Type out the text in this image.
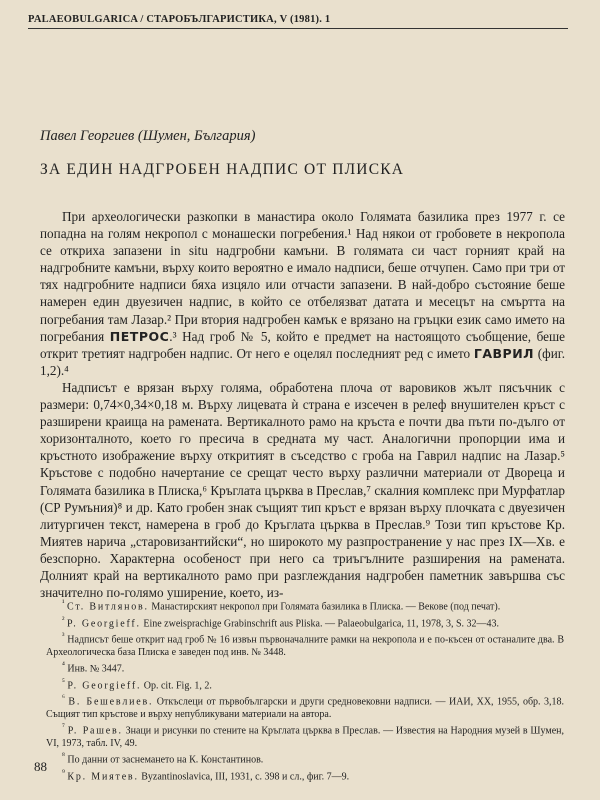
PALAEOBULGARICA / СТАРОБЪЛГАРИСТИКА, V (1981). 1
Павел Георгиев (Шумен, България)
ЗА ЕДИН НАДГРОБЕН НАДПИС ОТ ПЛИСКА

При археологически разкопки в манастира около Голямата базилика през 1977 г. се попадна на голям некропол с монашески погребения.¹ Над някои от гробовете в некропола се откриха запазени in situ надгробни камъни. В голямата си част горният край на надгробните камъни, върху които вероятно е имало надписи, беше отчупен. Само при три от тях надгробните надписи бяха изцяло или отчасти запазени. В най-добро състояние беше намерен един двуезичен надпис, в който се отбелязват датата и месецът на смъртта на погребания там Лазар.² При втория надгробен камък е врязано на гръцки език само името на погребания ПЕТРОС.³ Над гроб № 5, който е предмет на настоящото съобщение, беше открит третият надгробен надпис. От него е оцелял последният ред с името ГАВРИЛ (фиг. 1,2).⁴

Надписът е врязан върху голяма, обработена плоча от варовиков жълт пясъчник с размери: 0,74×0,34×0,18 м. Върху лицевата ѝ страна е изсечен в релеф внушителен кръст с разширени краища на рамената. Вертикалното рамо на кръста е почти два пъти по-дълго от хоризонталното, което го пресича в средната му част. Аналогични пропорции има и кръстното изображение върху откритият в съседство с гроба на Гаврил надпис на Лазар.⁵ Кръстове с подобно начертание се срещат често върху различни материали от Двореца и Голямата базилика в Плиска,⁶ Кръглата църква в Преслав,⁷ скалния комплекс при Мурфатлар (СР Румъния)⁸ и др. Като гробен знак същият тип кръст е врязан върху плочката с двуезичен литургичен текст, намерена в гроб до Кръглата църква в Преслав.⁹ Този тип кръстове Кр. Миятев нарича „старовизантийски“, но широкото му разпространение у нас през IX—Хв. е безспорно. Характерна особеност при него са триъгълните разширения на рамената. Долният край на вертикалното рамо при разглеждания надгробен паметник завършва със значително по-голямо уширение, което, из-

$^{^1}$ Ст. Витлянов. Манастирският некропол при Голямата базилика в Плиска. — Векове (под печат).

$^{^2}$ P. Georgieff. Eine zweisprachige Grabinschrift aus Pliska. — Palaeobulgarica, 11, 1978, 3, S. 32—43.

$^{^3}$ Надписът беше открит над гроб № 16 извън първоначалните рамки на некропола и е по-късен от останалите два. В Археологическа база Плиска е заведен под инв. № 3448.

$^{^4}$ Инв. № 3447.

$^{^5}$ P. Georgieff. Op. cit. Fig. 1, 2.

$^{^6}$ В. Бешевлиев. Откъслеци от първобългарски и други средновековни надписи. — ИАИ, XX, 1955, обр. 3,18. Същият тип кръстове и върху непубликувани материали на автора.

$^{^7}$ Р. Рашев. Знаци и рисунки по стените на Кръглата църква в Преслав. — Известия на Народния музей в Шумен, VI, 1973, табл. IV, 49.

$^{^8}$ По данни от заснемането на К. Константинов.

$^{^9}$ Кр. Миятев. Byzantinoslavica, III, 1931, с. 398 и сл., фиг. 7—9.

88
